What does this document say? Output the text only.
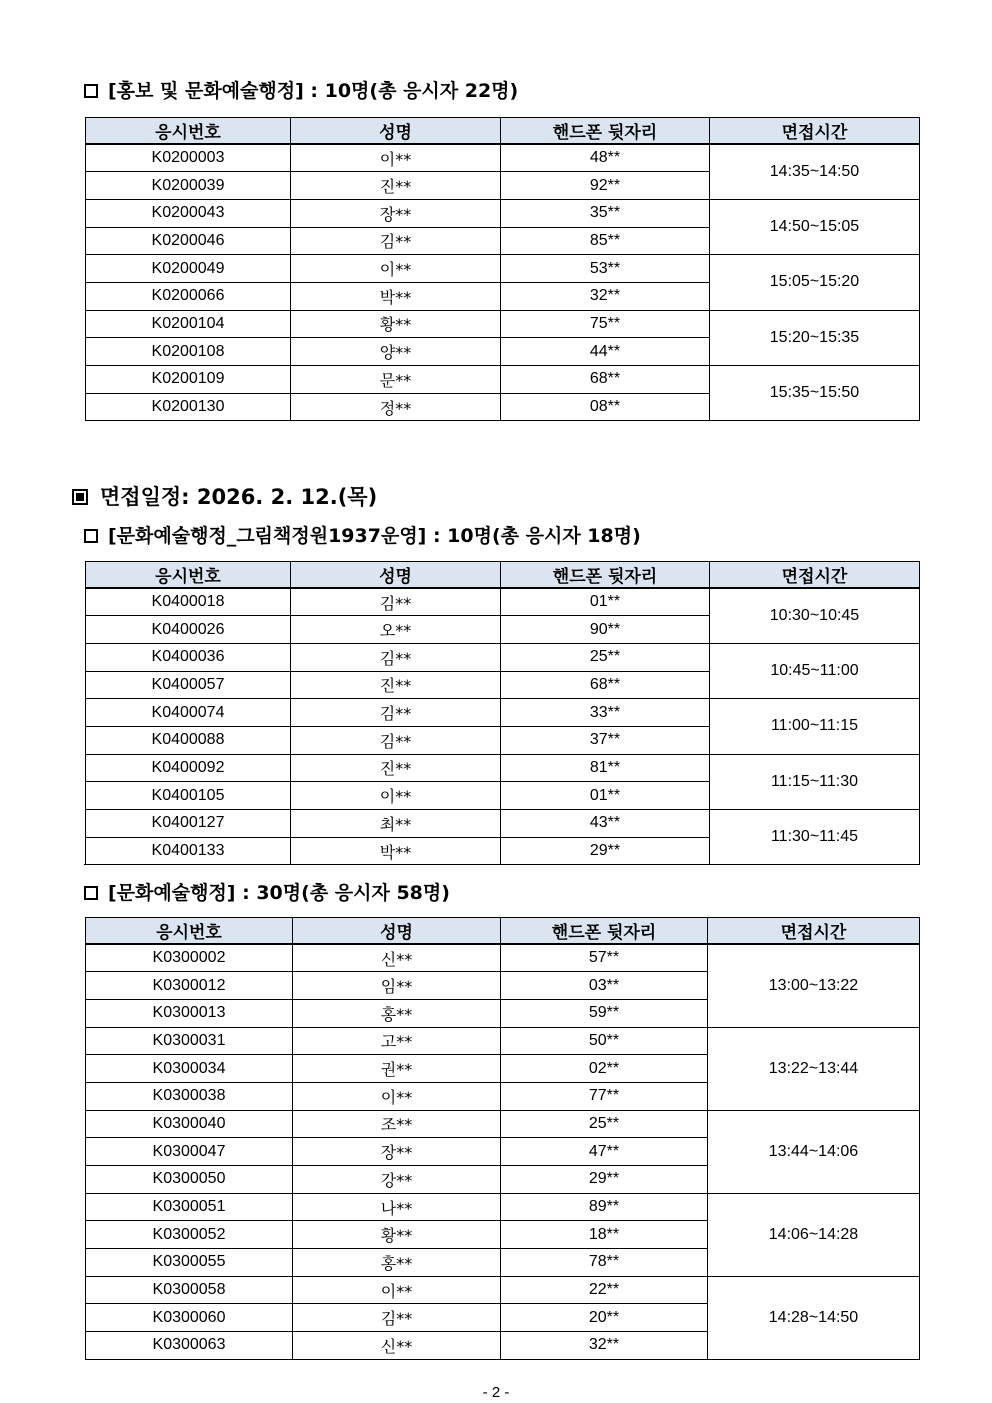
[홍보 및 문화예술행정] : 10명(총 응시자 22명)
응시번호	성명	핸드폰 뒷자리	면접시간
K0200003	이**	48**	14:35~14:50
K0200039	진**	92**	
K0200043	장**	35**	14:50~15:05
K0200046	김**	85**	
K0200049	이**	53**	15:05~15:20
K0200066	박**	32**	
K0200104	황**	75**	15:20~15:35
K0200108	양**	44**	
K0200109	문**	68**	15:35~15:50
K0200130	정**	08**	
면접일정: 2026. 2. 12.(목)
[문화예술행정_그림책정원1937운영] : 10명(총 응시자 18명)
응시번호	성명	핸드폰 뒷자리	면접시간
K0400018	김**	01**	10:30~10:45
K0400026	오**	90**	
K0400036	김**	25**	10:45~11:00
K0400057	진**	68**	
K0400074	김**	33**	11:00~11:15
K0400088	김**	37**	
K0400092	진**	81**	11:15~11:30
K0400105	이**	01**	
K0400127	최**	43**	11:30~11:45
K0400133	박**	29**	
[문화예술행정] : 30명(총 응시자 58명)
응시번호	성명	핸드폰 뒷자리	면접시간
K0300002	신**	57**	13:00~13:22
K0300012	임**	03**	
K0300013	홍**	59**	
K0300031	고**	50**	13:22~13:44
K0300034	권**	02**	
K0300038	이**	77**	
K0300040	조**	25**	13:44~14:06
K0300047	장**	47**	
K0300050	강**	29**	
K0300051	나**	89**	14:06~14:28
K0300052	황**	18**	
K0300055	홍**	78**	
K0300058	이**	22**	14:28~14:50
K0300060	김**	20**	
K0300063	신**	32**	
- 2 -
